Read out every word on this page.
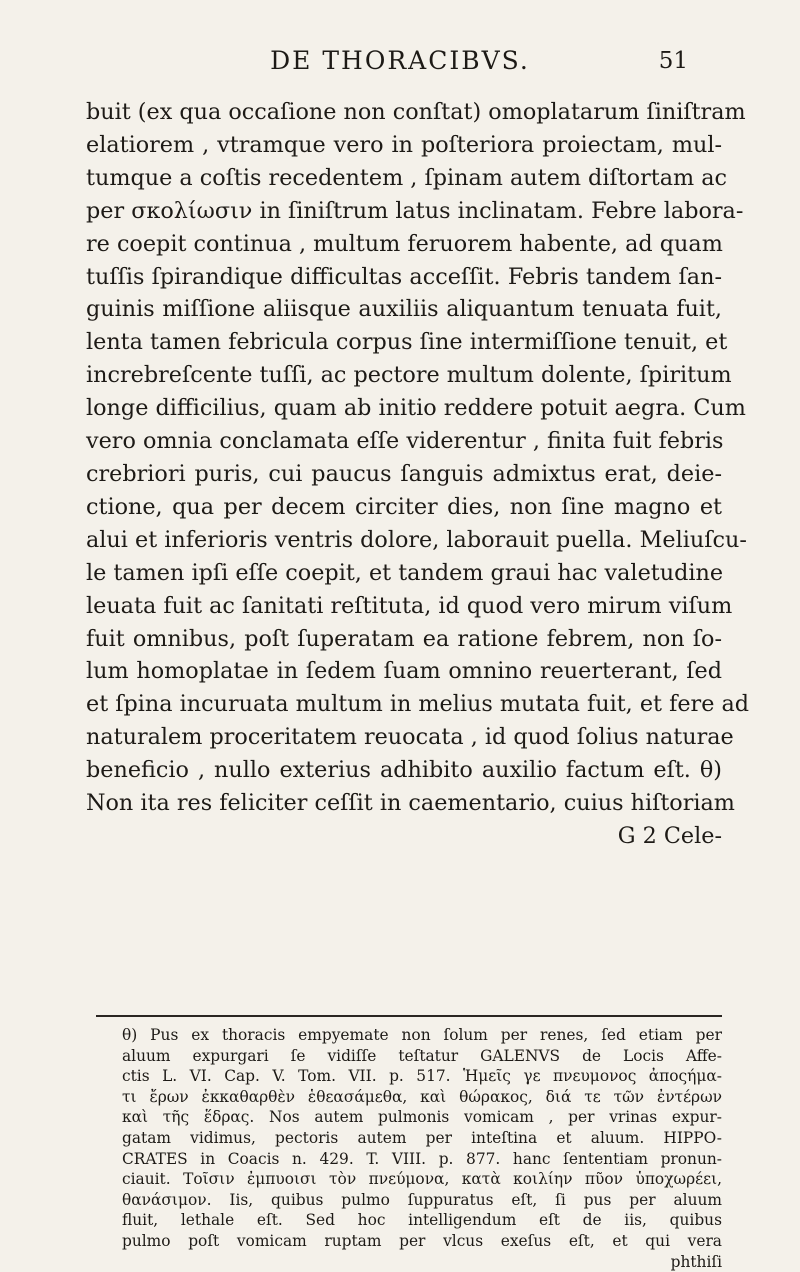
DE THORACIBVS.	51
buit (ex qua occaſione non conſtat) omoplatarum ſiniſtram
elatiorem , vtramque vero in poſteriora proiectam, mul-
tumque a coſtis recedentem , ſpinam autem diſtortam ac
per σκολίωσιν in ſiniſtrum latus inclinatam. Febre labora-
re coepit continua , multum feruorem habente, ad quam
tuſſis ſpirandique difficultas acceſſit. Febris tandem ſan-
guinis miſſione aliisque auxiliis aliquantum tenuata fuit,
lenta tamen febricula corpus ſine intermiſſione tenuit, et
increbreſcente tuſſi, ac pectore multum dolente, ſpiritum
longe difficilius, quam ab initio reddere potuit aegra. Cum
vero omnia conclamata eſſe viderentur , finita fuit febris
crebriori puris, cui paucus ſanguis admixtus erat, deie-
ctione, qua per decem circiter dies, non ſine magno et
alui et inferioris ventris dolore, laborauit puella. Meliuſcu-
le tamen ipſi eſſe coepit, et tandem graui hac valetudine
leuata fuit ac ſanitati reſtituta, id quod vero mirum viſum
fuit omnibus, poſt ſuperatam ea ratione febrem, non ſo-
lum homoplatae in ſedem ſuam omnino reuerterant, ſed
et ſpina incuruata multum in melius mutata fuit, et fere ad
naturalem proceritatem reuocata , id quod ſolius naturae
beneficio , nullo exterius adhibito auxilio factum eſt. θ)
Non ita res feliciter ceſſit in caementario, cuius hiſtoriam
G 2 Cele-
θ) Pus ex thoracis empyemate non ſolum per renes, ſed etiam per
aluum expurgari ſe vidiſſe teſtatur GALENVS de Locis Affe-
ctis L. VI. Cap. V. Tom. VII. p. 517. Ἡμεῖς γε πνευμονος ἀποςήμα-
τι ἔρων ἐκκαθαρθὲν ἑθεασάμεθα, καὶ θώρακος, διά τε τῶν ἐντέρων
καὶ τῆς ἕδρας. Nos autem pulmonis vomicam , per vrinas expur-
gatam vidimus, pectoris autem per inteſtina et aluum. HIPPO-
CRATES in Coacis n. 429. T. VIII. p. 877. hanc ſententiam pronun-
ciauit. Τοῖσιν ἐμπυοισι τὸν πνεύμονα, κατὰ κοιλίην πῦον ὑποχωρέει,
θανάσιμον. Iis, quibus pulmo ſuppuratus eſt, ſi pus per aluum
fluit, lethale eſt. Sed hoc intelligendum eſt de iis, quibus
pulmo poſt vomicam ruptam per vlcus exeſus eſt, et qui vera
phthiſi
